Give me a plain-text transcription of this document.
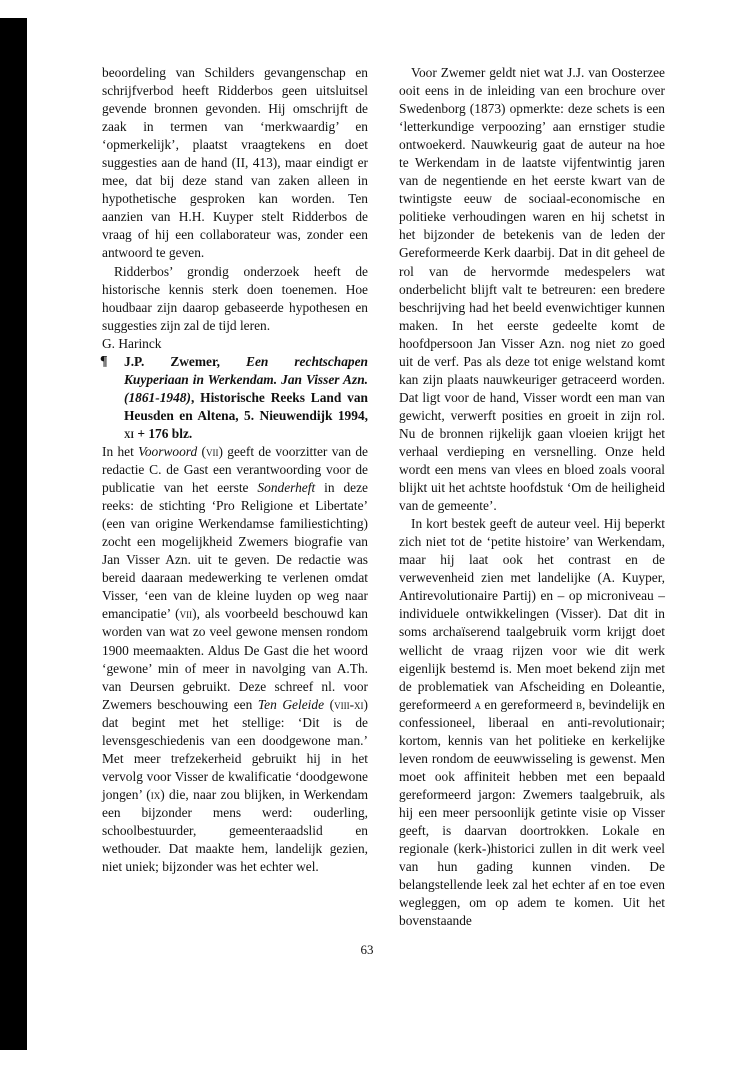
beoordeling van Schilders gevangenschap en schrijfverbod heeft Ridderbos geen uitsluitsel gevende bronnen gevonden. Hij omschrijft de zaak in termen van ‘merkwaardig’ en ‘opmerkelijk’, plaatst vraagtekens en doet suggesties aan de hand (II, 413), maar eindigt er mee, dat bij deze stand van zaken alleen in hypothetische gesproken kan worden. Ten aanzien van H.H. Kuyper stelt Ridderbos de vraag of hij een collaborateur was, zonder een antwoord te geven.

Ridderbos’ grondig onderzoek heeft de historische kennis sterk doen toenemen. Hoe houdbaar zijn daarop gebaseerde hypothesen en suggesties zijn zal de tijd leren.

G. Harinck

¶ J.P. Zwemer, Een rechtschapen Kuyperiaan in Werkendam. Jan Visser Azn. (1861-1948), Historische Reeks Land van Heusden en Altena, 5. Nieuwendijk 1994, xi + 176 blz.

In het Voorwoord (vii) geeft de voorzitter van de redactie C. de Gast een verantwoording voor de publicatie van het eerste Sonderheft in deze reeks: de stichting ‘Pro Religione et Libertate’ (een van origine Werkendamse familiestichting) zocht een mogelijkheid Zwemers biografie van Jan Visser Azn. uit te geven. De redactie was bereid daaraan medewerking te verlenen omdat Visser, ‘een van de kleine luyden op weg naar emancipatie’ (vii), als voorbeeld beschouwd kan worden van wat zo veel gewone mensen rondom 1900 meemaakten. Aldus De Gast die het woord ‘gewone’ min of meer in navolging van A.Th. van Deursen gebruikt. Deze schreef nl. voor Zwemers beschouwing een Ten Geleide (viii-xi) dat begint met het stellige: ‘Dit is de levensgeschiedenis van een doodgewone man.’ Met meer trefzekerheid gebruikt hij in het vervolg voor Visser de kwalificatie ‘doodgewone jongen’ (ix) die, naar zou blijken, in Werkendam een bijzonder mens werd: ouderling, schoolbestuurder, gemeenteraadslid en wethouder. Dat maakte hem, landelijk gezien, niet uniek; bijzonder was het echter wel.

Voor Zwemer geldt niet wat J.J. van Oosterzee ooit eens in de inleiding van een brochure over Swedenborg (1873) opmerkte: deze schets is een ‘letterkundige verpoozing’ aan ernstiger studie ontwoekerd. Nauwkeurig gaat de auteur na hoe te Werkendam in de laatste vijfentwintig jaren van de negentiende en het eerste kwart van de twintigste eeuw de sociaal-economische en politieke verhoudingen waren en hij schetst in het bijzonder de betekenis van de leden der Gereformeerde Kerk daarbij. Dat in dit geheel de rol van de hervormde medespelers wat onderbelicht blijft valt te betreuren: een bredere beschrijving had het beeld evenwichtiger kunnen maken. In het eerste gedeelte komt de hoofdpersoon Jan Visser Azn. nog niet zo goed uit de verf. Pas als deze tot enige welstand komt kan zijn plaats nauwkeuriger getraceerd worden. Dat ligt voor de hand, Visser wordt een man van gewicht, verwerft posities en groeit in zijn rol. Nu de bronnen rijkelijk gaan vloeien krijgt het verhaal verdieping en versnelling. Onze held wordt een mens van vlees en bloed zoals vooral blijkt uit het achtste hoofdstuk ‘Om de heiligheid van de gemeente’.

In kort bestek geeft de auteur veel. Hij beperkt zich niet tot de ‘petite histoire’ van Werkendam, maar hij laat ook het contrast en de verwevenheid zien met landelijke (A. Kuyper, Antirevolutionaire Partij) en – op microniveau – individuele ontwikkelingen (Visser). Dat dit in soms archaïserend taalgebruik vorm krijgt doet wellicht de vraag rijzen voor wie dit werk eigenlijk bestemd is. Men moet bekend zijn met de problematiek van Afscheiding en Doleantie, gereformeerd a en gereformeerd b, bevindelijk en confessioneel, liberaal en anti-revolutionair; kortom, kennis van het politieke en kerkelijke leven rondom de eeuwwisseling is gewenst. Men moet ook affiniteit hebben met een bepaald gereformeerd jargon: Zwemers taalgebruik, als hij een meer persoonlijk getinte visie op Visser geeft, is daarvan doortrokken. Lokale en regionale (kerk-)historici zullen in dit werk veel van hun gading kunnen vinden. De belangstellende leek zal het echter af en toe even wegleggen, om op adem te komen. Uit het bovenstaande

63
